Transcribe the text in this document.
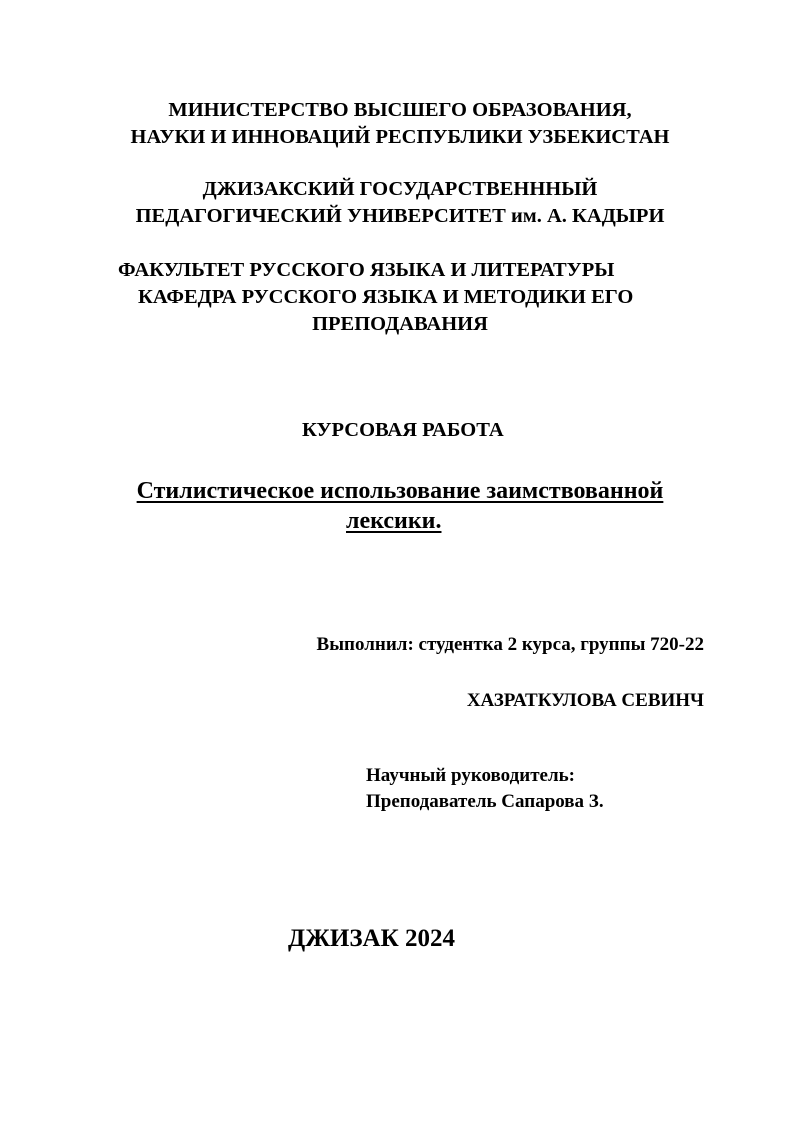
МИНИСТЕРСТВО ВЫСШЕГО ОБРАЗОВАНИЯ,
НАУКИ И ИННОВАЦИЙ РЕСПУБЛИКИ УЗБЕКИСТАН
ДЖИЗАКСКИЙ ГОСУДАРСТВЕНННЫЙ
ПЕДАГОГИЧЕСКИЙ УНИВЕРСИТЕТ им. А. КАДЫРИ
ФАКУЛЬТЕТ РУССКОГО ЯЗЫКА И ЛИТЕРАТУРЫ
КАФЕДРА РУССКОГО ЯЗЫКА И МЕТОДИКИ ЕГО
ПРЕПОДАВАНИЯ
КУРСОВАЯ РАБОТА
Стилистическое использование заимствованной
лексики.
Выполнил: студентка 2 курса, группы 720-22
ХАЗРАТКУЛОВА СЕВИНЧ
Научный руководитель:
Преподаватель Сапарова З.
ДЖИЗАК 2024
